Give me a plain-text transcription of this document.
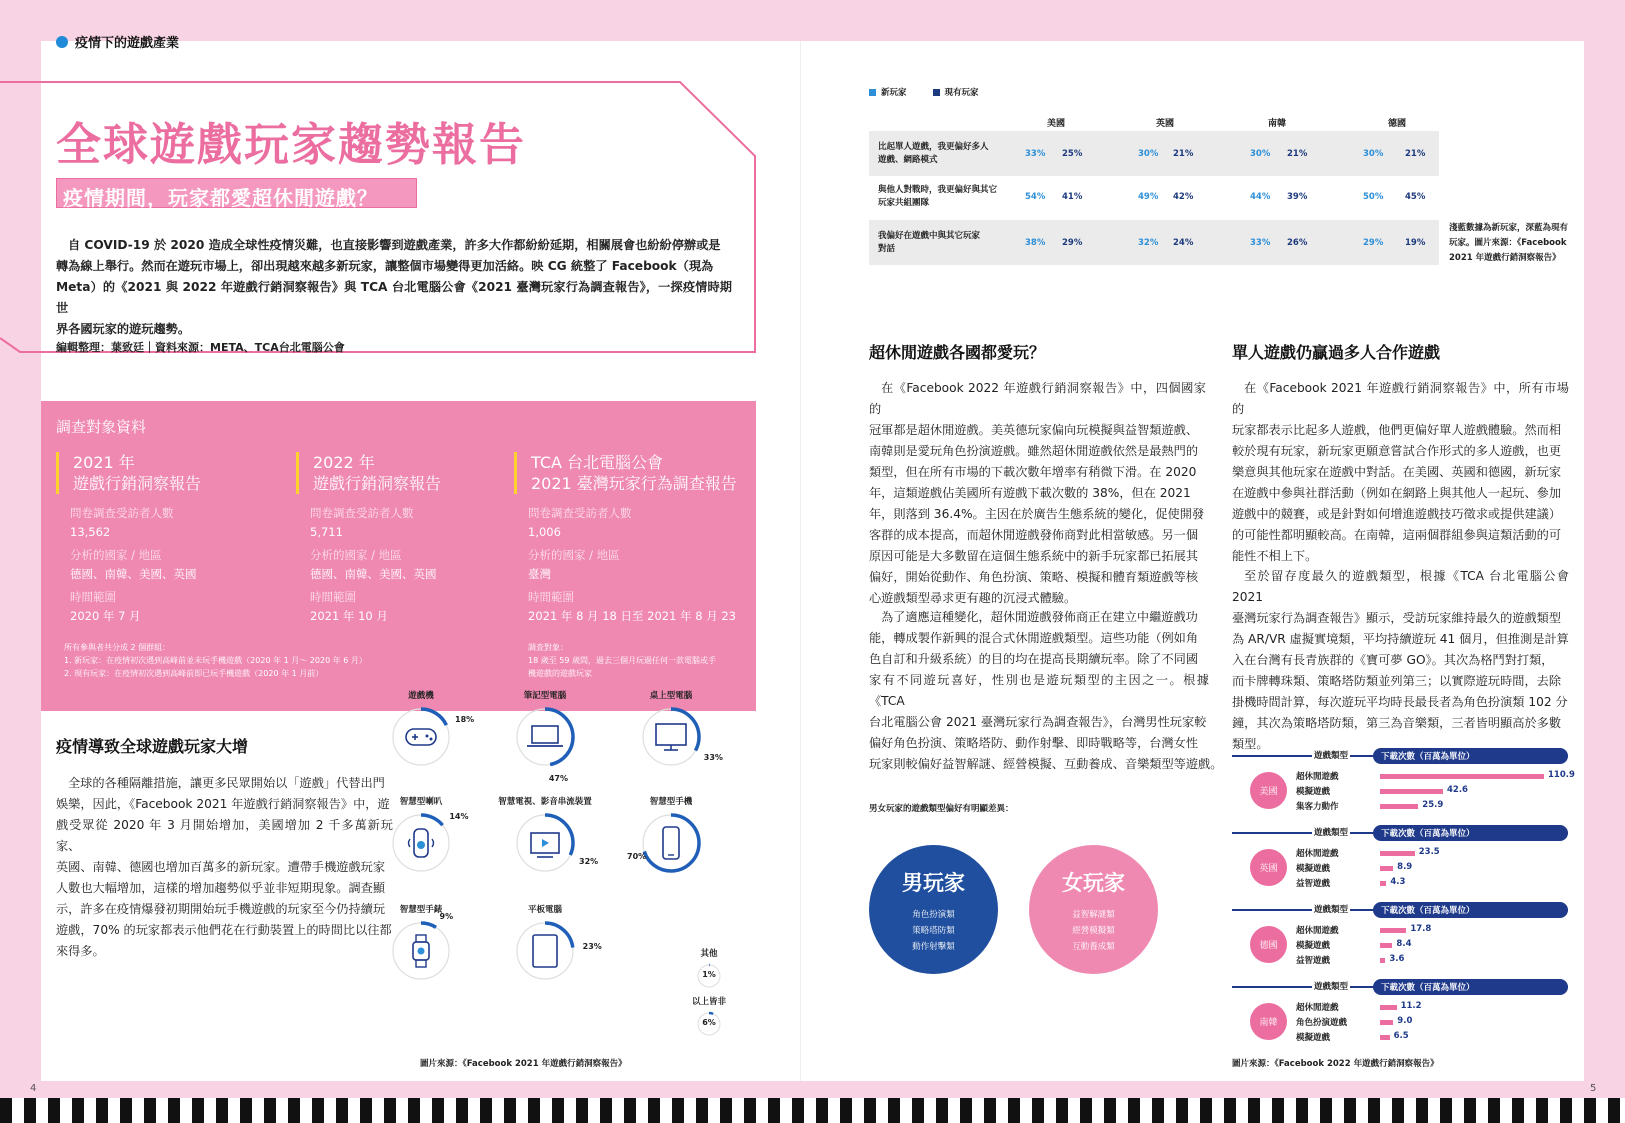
4	5
疫情下的遊戲產業
全球遊戲玩家趨勢報告
疫情期間，玩家都愛超休閒遊戲？
自 COVID-19 於 2020 造成全球性疫情災難，也直接影響到遊戲產業，許多大作都紛紛延期，相關展會也紛紛停辦或是
轉為線上舉行。然而在遊玩市場上，卻出現越來越多新玩家，讓整個市場變得更加活絡。映 CG 統整了 Facebook（現為
Meta）的《2021 與 2022 年遊戲行銷洞察報告》與 TCA 台北電腦公會《2021 臺灣玩家行為調查報告》，一探疫情時期世
界各國玩家的遊玩趨勢。
編輯整理：葉致廷｜資料來源：META、TCA台北電腦公會
調查對象資料
2021 年
遊戲行銷洞察報告
問卷調查受訪者人數
13,562
分析的國家 / 地區
德國、南韓、美國、英國
時間範圍
2020 年 7 月
2022 年
遊戲行銷洞察報告
問卷調查受訪者人數
5,711
分析的國家 / 地區
德國、南韓、美國、英國
時間範圍
2021 年 10 月
TCA 台北電腦公會
2021 臺灣玩家行為調查報告
問卷調查受訪者人數
1,006
分析的國家 / 地區
臺灣
時間範圍
2021 年 8 月 18 日至 2021 年 8 月 23
所有參與者共分成 2 個群組：
1. 新玩家：在疫情初次遇到高峰前並未玩手機遊戲（2020 年 1 月～ 2020 年 6 月）
2. 現有玩家：在疫情初次遇到高峰前即已玩手機遊戲（2020 年 1 月前）
調查對象：
18 歲至 59 歲間，過去三個月玩過任何一款電腦或手
機遊戲的遊戲玩家
疫情導致全球遊戲玩家大增
全球的各種隔離措施，讓更多民眾開始以「遊戲」代替出門
娛樂，因此，《Facebook 2021 年遊戲行銷洞察報告》中，遊
戲受眾從 2020 年 3 月開始增加，美國增加 2 千多萬新玩家、
英國、南韓、德國也增加百萬多的新玩家。遭帶手機遊戲玩家
人數也大幅增加，這樣的增加趨勢似乎並非短期現象。調查顯
示，許多在疫情爆發初期開始玩手機遊戲的玩家至今仍持續玩
遊戲，70% 的玩家都表示他們花在行動裝置上的時間比以往都
來得多。
遊戲機
18%
筆記型電腦
47%
桌上型電腦
33%
智慧型喇叭
14%
智慧電視、影音串流裝置
32%
智慧型手機
70%
智慧型手錶
9%
平板電腦
23%
其他
1%
以上皆非
6%
圖片來源：《Facebook 2021 年遊戲行銷洞察報告》
新玩家	現有玩家
美國	英國	南韓	德國
比起單人遊戲，我更偏好多人
遊戲、網路模式
33% 25%	30% 21%	30% 21%	30%	21%
與他人對戰時，我更偏好與其它
玩家共組團隊
54% 41%	49% 42%	44% 39%	50%	45%
我偏好在遊戲中與其它玩家
對話
38% 29%	32% 24%	33% 26%	29%	19%
淺藍數據為新玩家，深藍為現有
玩家。圖片來源：《Facebook
2021 年遊戲行銷洞察報告》
超休閒遊戲各國都愛玩？
在《Facebook 2022 年遊戲行銷洞察報告》中，四個國家的
冠軍都是超休閒遊戲。美英德玩家偏向玩模擬與益智類遊戲、
南韓則是愛玩角色扮演遊戲。雖然超休閒遊戲依然是最熱門的
類型，但在所有市場的下載次數年增率有稍微下滑。在 2020
年，這類遊戲佔美國所有遊戲下載次數的 38%，但在 2021
年，則落到 36.4%。主因在於廣告生態系統的變化，促使開發
客群的成本提高，而超休閒遊戲發佈商對此相當敏感。另一個
原因可能是大多數留在這個生態系統中的新手玩家都已拓展其
偏好，開始從動作、角色扮演、策略、模擬和體育類遊戲等核
心遊戲類型尋求更有趣的沉浸式體驗。
為了適應這種變化，超休閒遊戲發佈商正在建立中繼遊戲功
能，轉成製作新興的混合式休閒遊戲類型。這些功能（例如角
色自訂和升級系統）的目的均在提高長期續玩率。除了不同國
家有不同遊玩喜好，性別也是遊玩類型的主因之一。根據《TCA
台北電腦公會 2021 臺灣玩家行為調查報告》，台灣男性玩家較
偏好角色扮演、策略塔防、動作射擊、即時戰略等，台灣女性
玩家則較偏好益智解謎、經營模擬、互動養成、音樂類型等遊戲。
男女玩家的遊戲類型偏好有明顯差異：
男玩家
角色扮演類
策略塔防類
動作射擊類
女玩家
益智解謎類
經營模擬類
互動養成類
單人遊戲仍贏過多人合作遊戲
在《Facebook 2021 年遊戲行銷洞察報告》中，所有市場的
玩家都表示比起多人遊戲，他們更偏好單人遊戲體驗。然而相
較於現有玩家，新玩家更願意嘗試合作形式的多人遊戲，也更
樂意與其他玩家在遊戲中對話。在美國、英國和德國，新玩家
在遊戲中參與社群活動（例如在網路上與其他人一起玩、參加
遊戲中的競賽，或是針對如何增進遊戲技巧徵求或提供建議）
的可能性都明顯較高。在南韓，這兩個群組參與這類活動的可
能性不相上下。
至於留存度最久的遊戲類型，根據《TCA 台北電腦公會 2021
臺灣玩家行為調查報告》顯示，受訪玩家維持最久的遊戲類型
為 AR/VR 虛擬實境類，平均持續遊玩 41 個月，但推測是計算
入在台灣有長青族群的《寶可夢 GO》。其次為格鬥對打類，
而卡牌轉珠類、策略塔防類並列第三；以實際遊玩時間，去除
掛機時間計算，每次遊玩平均時長最長者為角色扮演類 102 分
鐘，其次為策略塔防類，第三為音樂類，三者皆明顯高於多數
類型。
遊戲類型	下載次數（百萬為單位）
美國
超休閒遊戲	110.9
模擬遊戲	42.6
集客力動作	25.9
遊戲類型	下載次數（百萬為單位）
英國
超休閒遊戲	23.5
模擬遊戲	8.9
益智遊戲	4.3
遊戲類型	下載次數（百萬為單位）
德國
超休閒遊戲	17.8
模擬遊戲	8.4
益智遊戲	3.6
遊戲類型	下載次數（百萬為單位）
南韓
超休閒遊戲	11.2
角色扮演遊戲	9.0
模擬遊戲	6.5
圖片來源：《Facebook 2022 年遊戲行銷洞察報告》
